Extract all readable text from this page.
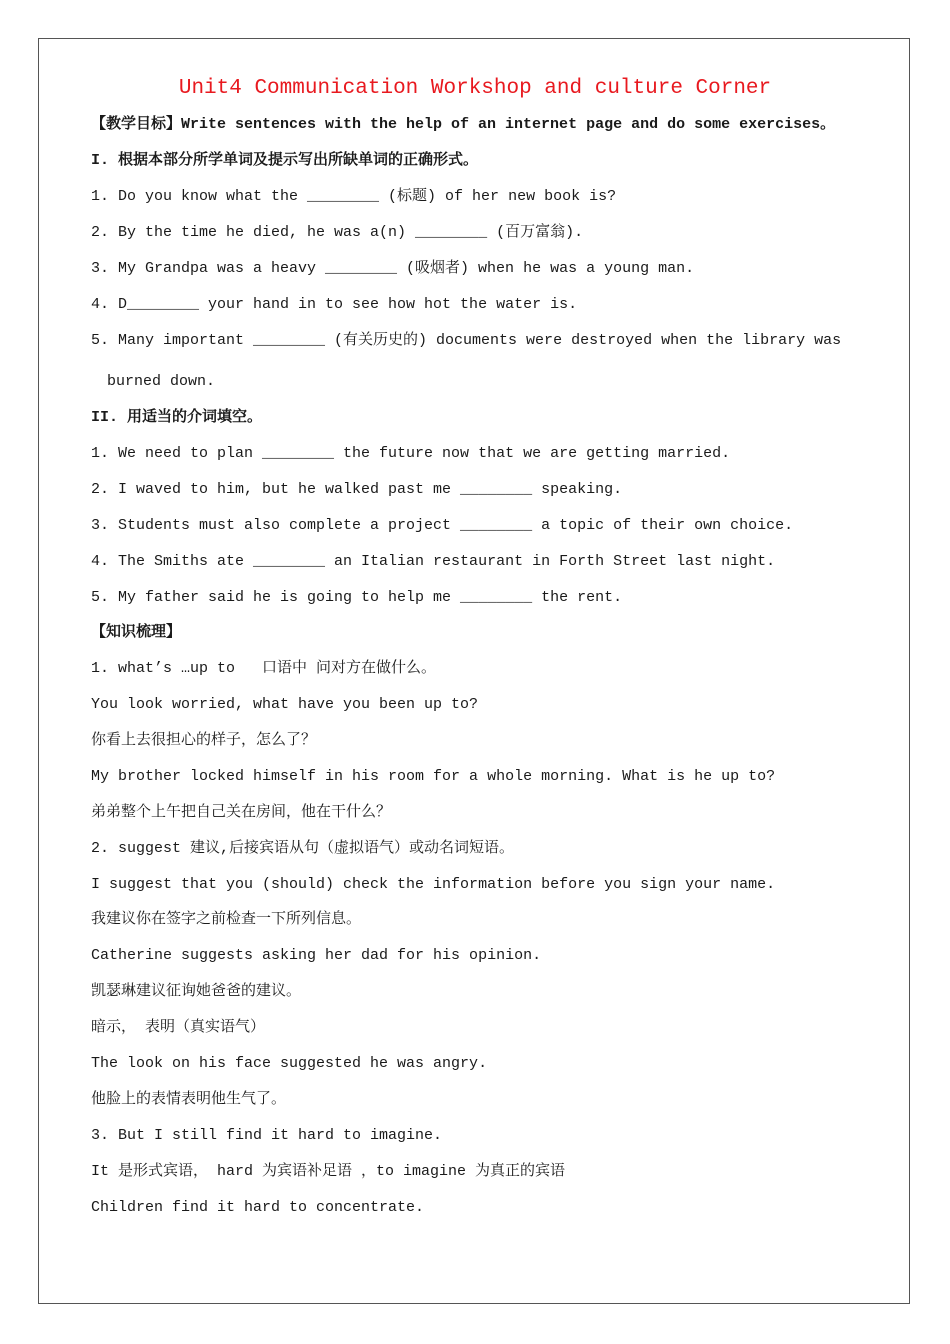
Unit4 Communication Workshop and culture Corner
【教学目标】Write sentences with the help of an internet page and do some exercises。
I. 根据本部分所学单词及提示写出所缺单词的正确形式。
1. Do you know what the ________ (标题) of her new book is?
2. By the time he died, he was a(n) ________ (百万富翁).
3. My Grandpa was a heavy ________ (吸烟者) when he was a young man.
4. D________ your hand in to see how hot the water is.
5. Many important ________ (有关历史的) documents were destroyed when the library was
burned down.
II. 用适当的介词填空。
1. We need to plan ________ the future now that we are getting married.
2. I waved to him, but he walked past me ________ speaking.
3. Students must also complete a project ________ a topic of their own choice.
4. The Smiths ate ________ an Italian restaurant in Forth Street last night.
5. My father said he is going to help me ________ the rent.
【知识梳理】
1. what’s …up to   口语中 问对方在做什么。
You look worried, what have you been up to?
你看上去很担心的样子，怎么了？
My brother locked himself in his room for a whole morning. What is he up to?
弟弟整个上午把自己关在房间，他在干什么？
2. suggest 建议,后接宾语从句（虚拟语气）或动名词短语。
I suggest that you (should) check the information before you sign your name.
我建议你在签字之前检查一下所列信息。
Catherine suggests asking her dad for his opinion.
凯瑟琳建议征询她爸爸的建议。
暗示， 表明（真实语气）
The look on his face suggested he was angry.
他脸上的表情表明他生气了。
3. But I still find it hard to imagine.
It 是形式宾语， hard 为宾语补足语 ，to imagine 为真正的宾语
Children find it hard to concentrate.
